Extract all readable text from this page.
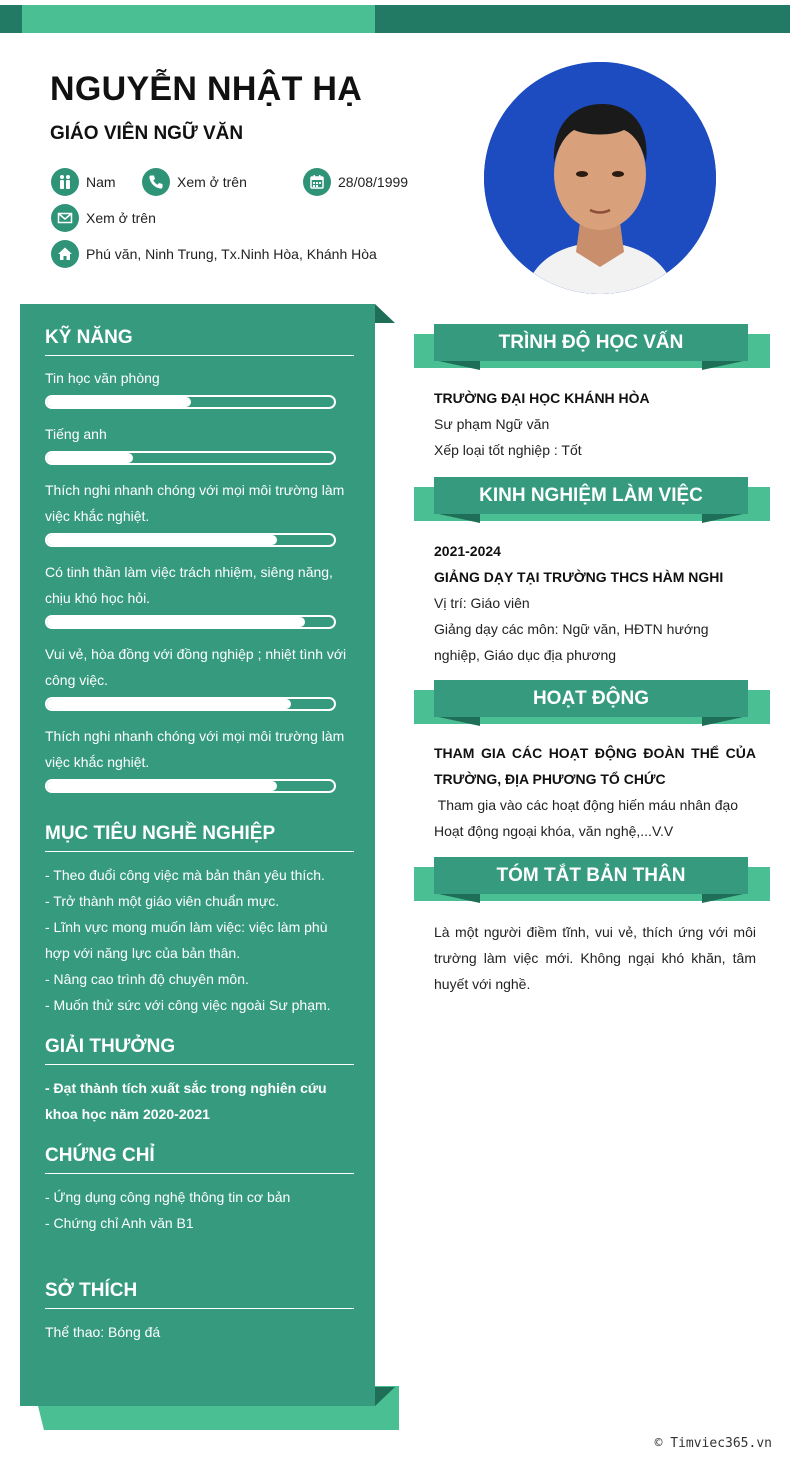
NGUYỄN NHẬT HẠ
GIÁO VIÊN NGỮ VĂN
Nam	Xem ở trên	28/08/1999
Xem ở trên
Phú văn, Ninh Trung, Tx.Ninh Hòa, Khánh Hòa
KỸ NĂNG
Tin học văn phòng
Tiếng anh
Thích nghi nhanh chóng với mọi môi trường làm việc khắc nghiệt.
Có tinh thần làm việc trách nhiệm, siêng năng, chịu khó học hỏi.
Vui vẻ, hòa đồng với đồng nghiệp ; nhiệt tình với công việc.
Thích nghi nhanh chóng với mọi môi trường làm việc khắc nghiệt.
MỤC TIÊU NGHỀ NGHIỆP
- Theo đuổi công việc mà bản thân yêu thích.
- Trở thành một giáo viên chuẩn mực.
- Lĩnh vực mong muốn làm việc: việc làm phù hợp với năng lực của bản thân.
- Nâng cao trình độ chuyên môn.
- Muốn thử sức với công việc ngoài Sư phạm.
GIẢI THƯỞNG
- Đạt thành tích xuất sắc trong nghiên cứu khoa học năm 2020-2021
CHỨNG CHỈ
- Ứng dụng công nghệ thông tin cơ bản
- Chứng chỉ Anh văn B1
SỞ THÍCH
Thể thao: Bóng đá
TRÌNH ĐỘ HỌC VẤN
TRƯỜNG ĐẠI HỌC KHÁNH HÒA
Sư phạm Ngữ văn
Xếp loại tốt nghiệp : Tốt
KINH NGHIỆM LÀM VIỆC
2021-2024
GIẢNG DẠY TẠI TRƯỜNG THCS HÀM NGHI
Vị trí: Giáo viên
Giảng dạy các môn: Ngữ văn, HĐTN hướng nghiệp, Giáo dục địa phương
HOẠT ĐỘNG
THAM GIA CÁC HOẠT ĐỘNG ĐOÀN THỂ CỦA TRƯỜNG, ĐỊA PHƯƠNG TỔ CHỨC
Tham gia vào các hoạt động hiến máu nhân đạo
Hoạt động ngoại khóa, văn nghệ,...V.V
TÓM TẮT BẢN THÂN
Là một người điềm tĩnh, vui vẻ, thích ứng với môi trường làm việc mới. Không ngại khó khăn, tâm huyết với nghề.
© Timviec365.vn
